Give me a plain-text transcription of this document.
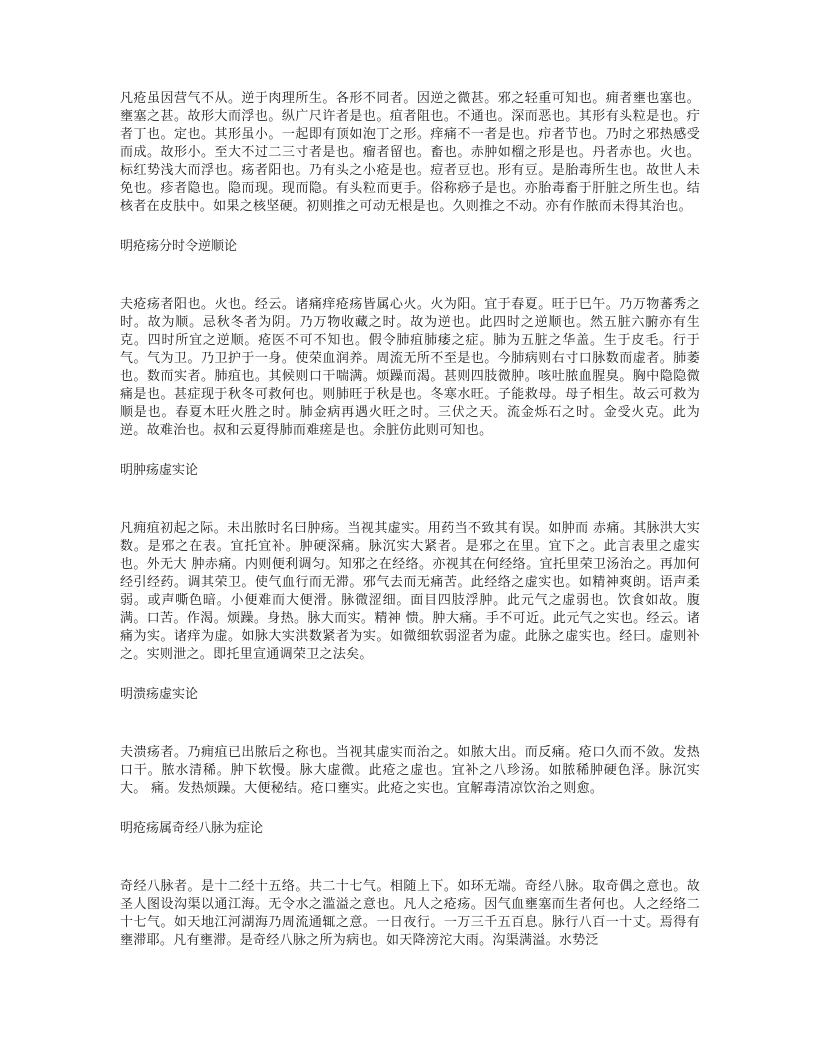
凡疮虽因营气不从。逆于肉理所生。各形不同者。因逆之微甚。邪之轻重可知也。痈者壅也塞也。壅塞之甚。故形大而浮也。纵广尺许者是也。疽者阻也。不通也。深而恶也。其形有头粒是也。疔者丁也。定也。其形虽小。一起即有顶如泡丁之形。痒痛不一者是也。疖者节也。乃时之邪热感受而成。故形小。至大不过二三寸者是也。瘤者留也。畜也。赤肿如榴之形是也。丹者赤也。火也。标红势浅大而浮也。疡者阳也。乃有头之小疮是也。痘者豆也。形有豆。是胎毒所生也。故世人未免也。疹者隐也。隐而现。现而隐。有头粒而更手。俗称痧子是也。亦胎毒畜于肝脏之所生也。结核者在皮肤中。如果之核坚硬。初则推之可动无根是也。久则推之不动。亦有作脓而未得其治也。

明疮疡分时令逆顺论

夫疮疡者阳也。火也。经云。诸痛痒疮疡皆属心火。火为阳。宜于春夏。旺于巳午。乃万物蕃秀之时。故为顺。忌秋冬者为阴。乃万物收藏之时。故为逆也。此四时之逆顺也。然五脏六腑亦有生克。四时所宜之逆顺。疮医不可不知也。假令肺疽肺痿之症。肺为五脏之华盖。生于皮毛。行于气。气为卫。乃卫护于一身。使荣血润养。周流无所不至是也。今肺病则右寸口脉数而虚者。肺萎也。数而实者。肺疽也。其候则口干喘满。烦躁而渴。甚则四肢微肿。咳吐脓血腥臭。胸中隐隐微痛是也。甚症现于秋冬可救何也。则肺旺于秋是也。冬寒水旺。子能救母。母子相生。故云可救为顺是也。春夏木旺火胜之时。肺金病再遇火旺之时。三伏之天。流金烁石之时。金受火克。此为逆。故难治也。叔和云夏得肺而难瘥是也。余脏仿此则可知也。

明肿疡虚实论

凡痈疽初起之际。未出脓时名曰肿疡。当视其虚实。用药当不致其有误。如肿而 赤痛。其脉洪大实数。是邪之在表。宜托宜补。肿硬深痛。脉沉实大紧者。是邪之在里。宜下之。此言表里之虚实也。外无大 肿赤痛。内则便利调匀。知邪之在经络。亦视其在何经络。宜托里荣卫汤治之。再加何经引经药。调其荣卫。使气血行而无滞。邪气去而无痛苦。此经络之虚实也。如精神爽朗。语声柔弱。或声嘶色暗。小便难而大便滑。脉微涩细。面目四肢浮肿。此元气之虚弱也。饮食如故。腹满。口苦。作渴。烦躁。身热。脉大而实。精神 愦。肿大痛。手不可近。此元气之实也。经云。诸痛为实。诸痒为虚。如脉大实洪数紧者为实。如微细软弱涩者为虚。此脉之虚实也。经曰。虚则补之。实则泄之。即托里宣通调荣卫之法矣。

明溃疡虚实论

夫溃疡者。乃痈疽已出脓后之称也。当视其虚实而治之。如脓大出。而反痛。疮口久而不敛。发热口干。脓水清稀。肿下软慢。脉大虚微。此疮之虚也。宜补之八珍汤。如脓稀肿硬色泽。脉沉实大。 痛。发热烦躁。大便秘结。疮口壅实。此疮之实也。宜解毒清凉饮治之则愈。

明疮疡属奇经八脉为症论

奇经八脉者。是十二经十五络。共二十七气。相随上下。如环无端。奇经八脉。取奇偶之意也。故圣人图设沟渠以通江海。无令水之滥溢之意也。凡人之疮疡。因气血壅塞而生者何也。人之经络二十七气。如天地江河湖海乃周流通辄之意。一日夜行。一万三千五百息。脉行八百一十丈。焉得有壅滞耶。凡有壅滞。是奇经八脉之所为病也。如天降滂沱大雨。沟渠满溢。水势泛
